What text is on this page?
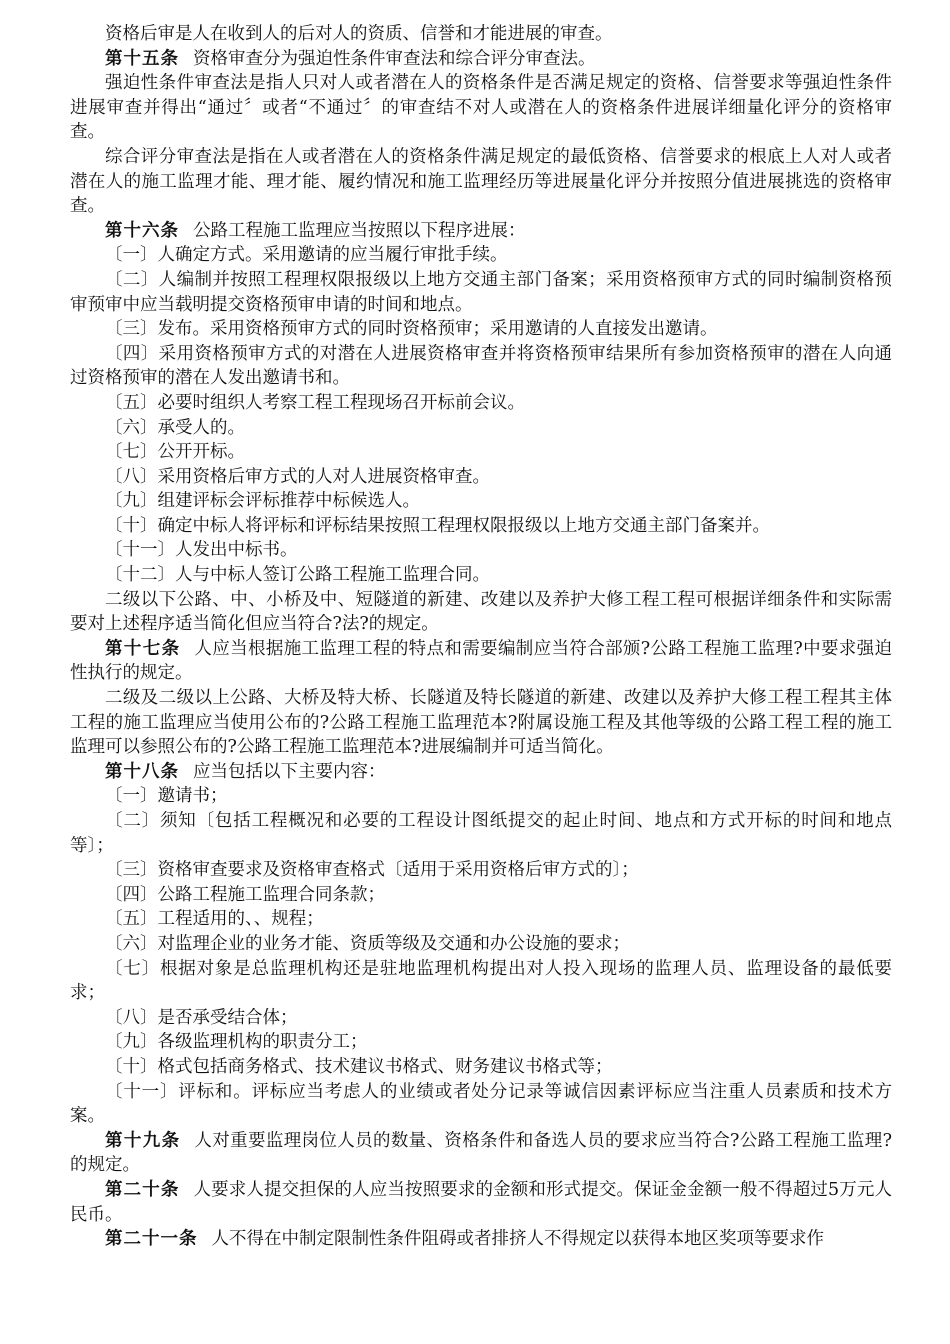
资格后审是人在收到人的后对人的资质、信誉和才能进展的审查。

第十五条 资格审查分为强迫性条件审查法和综合评分审查法。

强迫性条件审查法是指人只对人或者潜在人的资格条件是否满足规定的资格、信誉要求等强迫性条件进展审查并得出“通过〞或者“不通过〞的审查结不对人或潜在人的资格条件进展详细量化评分的资格审查。

综合评分审查法是指在人或者潜在人的资格条件满足规定的最低资格、信誉要求的根底上人对人或者潜在人的施工监理才能、理才能、履约情况和施工监理经历等进展量化评分并按照分值进展挑选的资格审查。

第十六条 公路工程施工监理应当按照以下程序进展：

〔一〕人确定方式。采用邀请的应当履行审批手续。

〔二〕人编制并按照工程理权限报级以上地方交通主部门备案；采用资格预审方式的同时编制资格预审预审中应当载明提交资格预审申请的时间和地点。

〔三〕发布。采用资格预审方式的同时资格预审；采用邀请的人直接发出邀请。

〔四〕采用资格预审方式的对潜在人进展资格审查并将资格预审结果所有参加资格预审的潜在人向通过资格预审的潜在人发出邀请书和。

〔五〕必要时组织人考察工程工程现场召开标前会议。

〔六〕承受人的。

〔七〕公开开标。

〔八〕采用资格后审方式的人对人进展资格审查。

〔九〕组建评标会评标推荐中标候选人。

〔十〕确定中标人将评标和评标结果按照工程理权限报级以上地方交通主部门备案并。

〔十一〕人发出中标书。

〔十二〕人与中标人签订公路工程施工监理合同。

二级以下公路、中、小桥及中、短隧道的新建、改建以及养护大修工程工程可根据详细条件和实际需要对上述程序适当简化但应当符合?法?的规定。

第十七条 人应当根据施工监理工程的特点和需要编制应当符合部颁?公路工程施工监理?中要求强迫性执行的规定。

二级及二级以上公路、大桥及特大桥、长隧道及特长隧道的新建、改建以及养护大修工程工程其主体工程的施工监理应当使用公布的?公路工程施工监理范本?附属设施工程及其他等级的公路工程工程的施工监理可以参照公布的?公路工程施工监理范本?进展编制并可适当简化。

第十八条 应当包括以下主要内容：

〔一〕邀请书；

〔二〕须知〔包括工程概况和必要的工程设计图纸提交的起止时间、地点和方式开标的时间和地点等〕；

〔三〕资格审查要求及资格审查格式〔适用于采用资格后审方式的〕；

〔四〕公路工程施工监理合同条款；

〔五〕工程适用的、、规程；

〔六〕对监理企业的业务才能、资质等级及交通和办公设施的要求；

〔七〕根据对象是总监理机构还是驻地监理机构提出对人投入现场的监理人员、监理设备的最低要求；

〔八〕是否承受结合体；

〔九〕各级监理机构的职责分工；

〔十〕格式包括商务格式、技术建议书格式、财务建议书格式等；

〔十一〕评标和。评标应当考虑人的业绩或者处分记录等诚信因素评标应当注重人员素质和技术方案。

第十九条 人对重要监理岗位人员的数量、资格条件和备选人员的要求应当符合?公路工程施工监理?的规定。

第二十条 人要求人提交担保的人应当按照要求的金额和形式提交。保证金金额一般不得超过5万元人民币。

第二十一条 人不得在中制定限制性条件阻碍或者排挤人不得规定以获得本地区奖项等要求作
